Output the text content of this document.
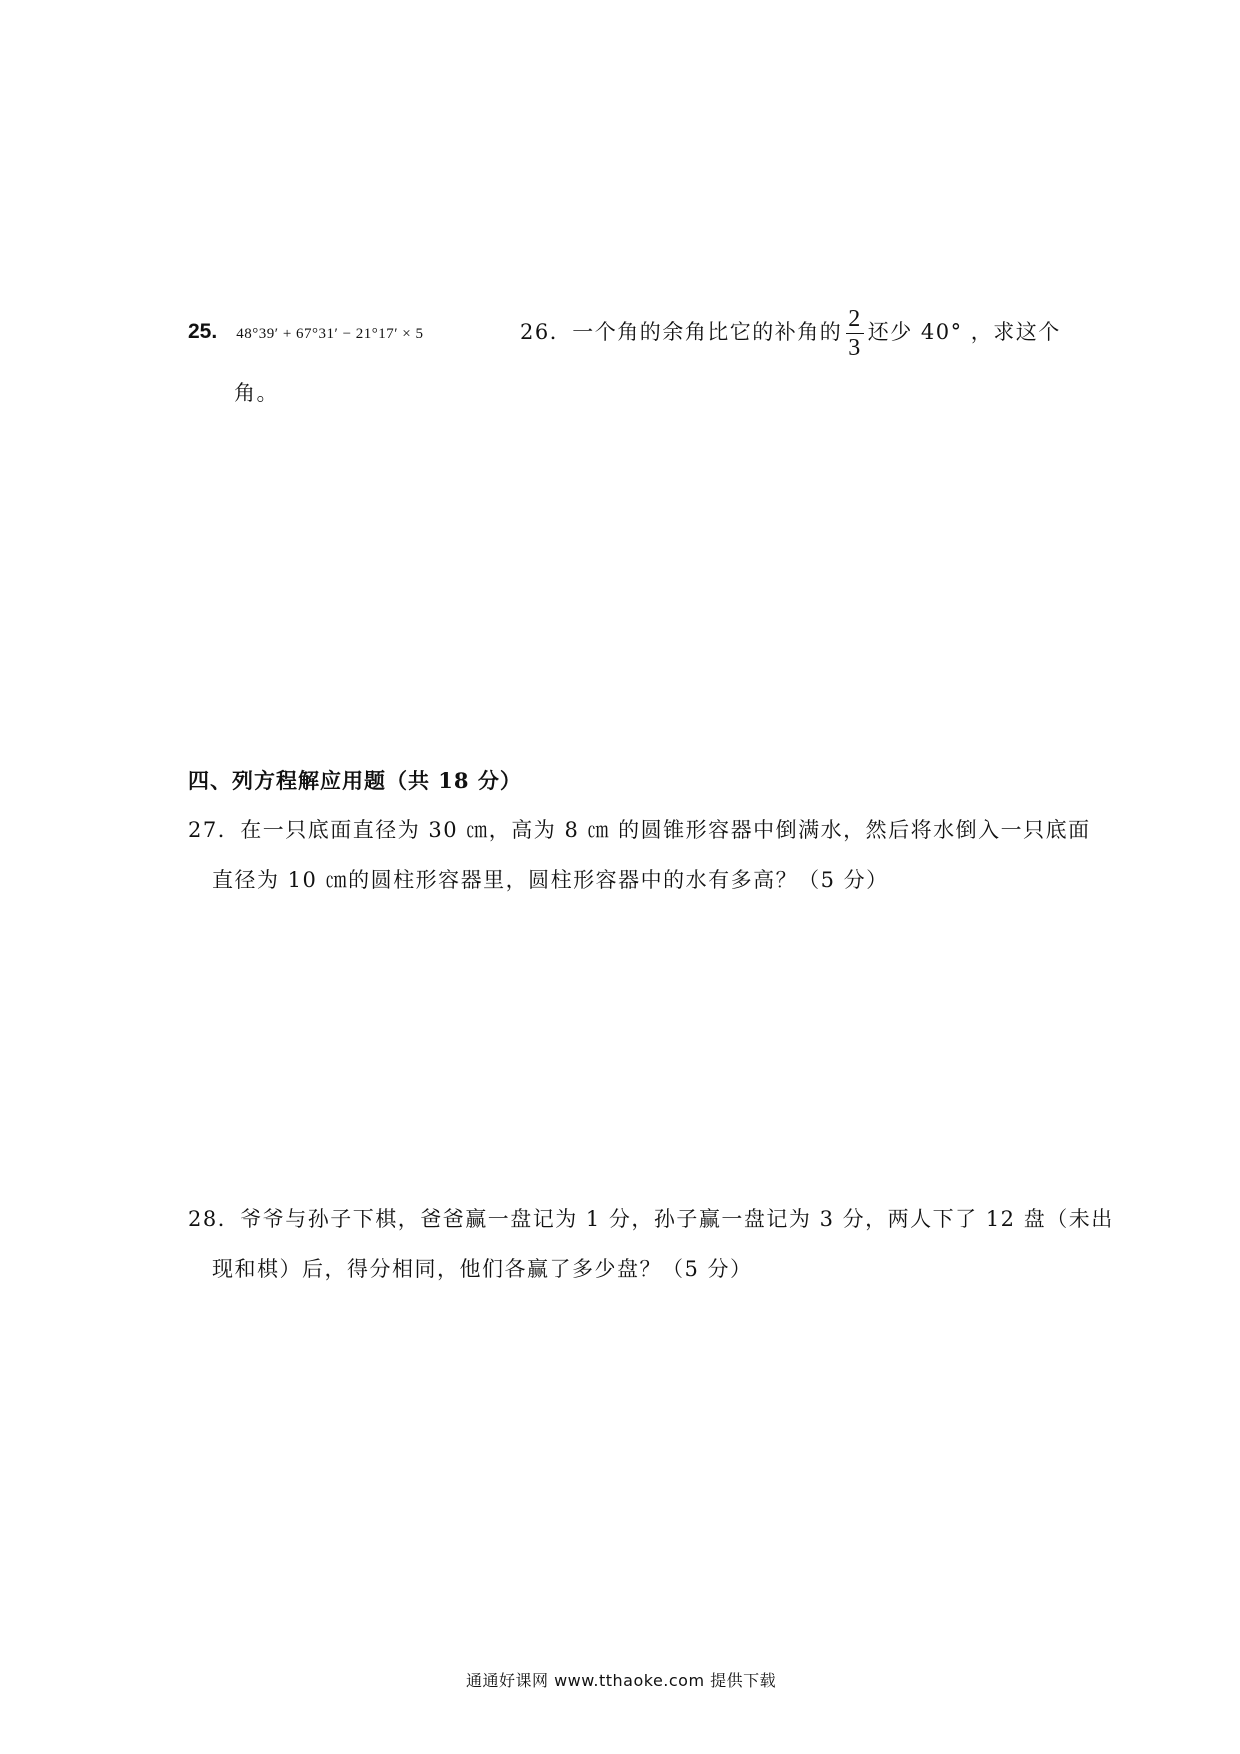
25. 48°39′ + 67°31′ − 21°17′ × 5	26．一个角的余角比它的补角的 $\frac{2}{3}$ 还少 40° ，求这个
角。
四、列方程解应用题（共 18 分）
27．在一只底面直径为 30 ㎝，高为 8 ㎝ 的圆锥形容器中倒满水，然后将水倒入一只底面
直径为 10 ㎝的圆柱形容器里，圆柱形容器中的水有多高？（5 分）
28．爷爷与孙子下棋，爸爸赢一盘记为 1 分，孙子赢一盘记为 3 分，两人下了 12 盘（未出
现和棋）后，得分相同，他们各赢了多少盘？（5 分）
通通好课网 www.tthaoke.com 提供下载
